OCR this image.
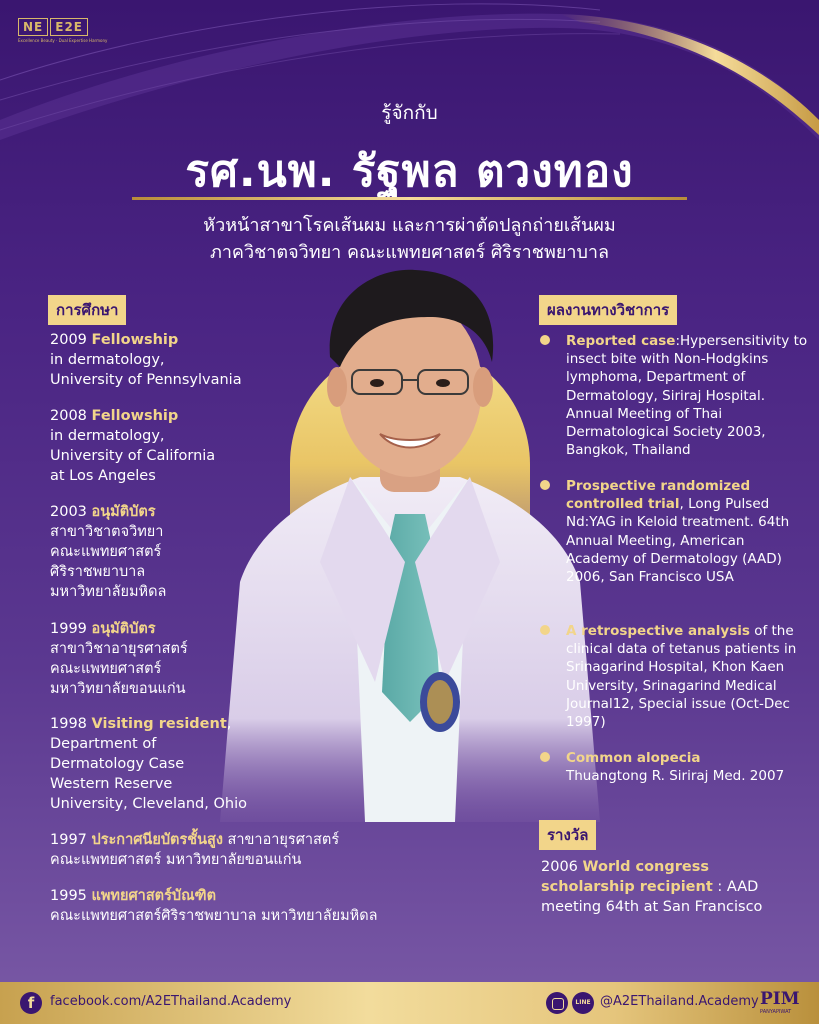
NE	E2E
Excellence Beauty · Dual Expertise Harmony
รู้จักกับ
รศ.นพ. รัฐพล ตวงทอง
หัวหน้าสาขาโรคเส้นผม และการผ่าตัดปลูกถ่ายเส้นผม
ภาควิชาตจวิทยา คณะแพทยศาสตร์ ศิริราชพยาบาล
การศึกษา
2009 Fellowship
in dermatology,
University of Pennsylvania
2008 Fellowship
in dermatology,
University of California
at Los Angeles
2003 อนุมัติบัตร
สาขาวิชาตจวิทยา
คณะแพทยศาสตร์
ศิริราชพยาบาล
มหาวิทยาลัยมหิดล
1999 อนุมัติบัตร
สาขาวิชาอายุรศาสตร์
คณะแพทยศาสตร์
มหาวิทยาลัยขอนแก่น
1998 Visiting resident,
Department of
Dermatology Case
Western Reserve
University, Cleveland, Ohio
1997 ประกาศนียบัตรชั้นสูง สาขาอายุรศาสตร์
คณะแพทยศาสตร์ มหาวิทยาลัยขอนแก่น
1995 แพทยศาสตร์บัณฑิต
คณะแพทยศาสตร์ศิริราชพยาบาล มหาวิทยาลัยมหิดล
ผลงานทางวิชาการ
Reported case:Hypersensitivity to insect bite with Non-Hodgkins lymphoma, Department of Dermatology, Siriraj Hospital. Annual Meeting of Thai Dermatological Society 2003, Bangkok, Thailand
Prospective randomized controlled trial, Long Pulsed Nd:YAG in Keloid treatment. 64th Annual Meeting, American Academy of Dermatology (AAD) 2006, San Francisco USA
A retrospective analysis of the clinical data of tetanus patients in Srinagarind Hospital, Khon Kaen University, Srinagarind Medical Journal12, Special issue (Oct-Dec 1997)
Common alopecia
Thuangtong R. Siriraj Med. 2007
รางวัล
2006 World congress
scholarship recipient : AAD
meeting 64th at San Francisco
f	facebook.com/A2EThailand.Academy	LINE @A2EThailand.Academy PIM
PANYAPIWAT
